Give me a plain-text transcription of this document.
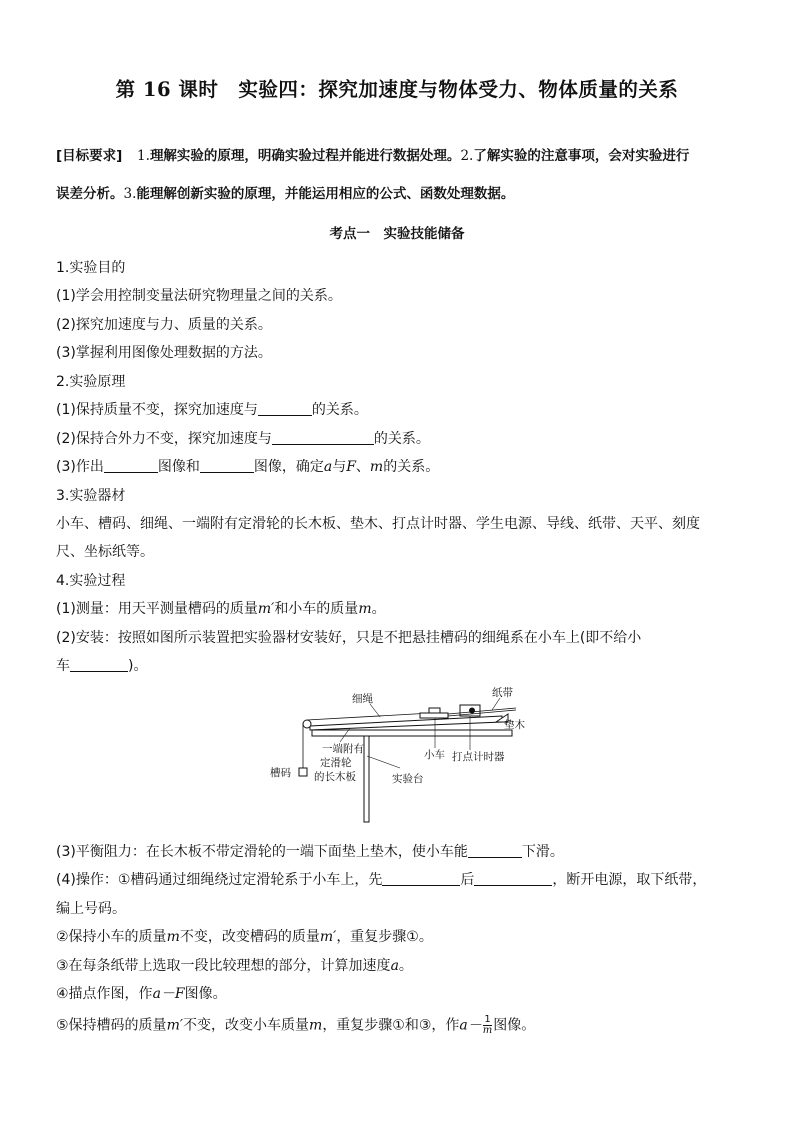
第 16 课时　实验四：探究加速度与物体受力、物体质量的关系
[目标要求] 1.理解实验的原理，明确实验过程并能进行数据处理。2.了解实验的注意事项，会对实验进行
误差分析。3.能理解创新实验的原理，并能运用相应的公式、函数处理数据。
考点一　实验技能储备
1.实验目的
(1)学会用控制变量法研究物理量之间的关系。
(2)探究加速度与力、质量的关系。
(3)掌握利用图像处理数据的方法。
2.实验原理
(1)保持质量不变，探究加速度与	的关系。
(2)保持合外力不变，探究加速度与	的关系。
(3)作出	图像和	图像，确定a与F、m的关系。
3.实验器材
小车、槽码、细绳、一端附有定滑轮的长木板、垫木、打点计时器、学生电源、导线、纸带、天平、刻度
尺、坐标纸等。
4.实验过程
(1)测量：用天平测量槽码的质量m′和小车的质量m。
(2)安装：按照如图所示装置把实验器材安装好，只是不把悬挂槽码的细绳系在小车上(即不给小
车	)。
细绳	纸带
垫木
一端附有
定滑轮
的长木板
小车 打点计时器
槽码	实验台
(3)平衡阻力：在长木板不带定滑轮的一端下面垫上垫木，使小车能	下滑。
(4)操作：①槽码通过细绳绕过定滑轮系于小车上，先	后	，断开电源，取下纸带，
编上号码。
②保持小车的质量m不变，改变槽码的质量m′，重复步骤①。
③在每条纸带上选取一段比较理想的部分，计算加速度a。
④描点作图，作a－F图像。
⑤保持槽码的质量m′不变，改变小车质量m，重复步骤①和③，作$a- \frac{1}{m}$ 图像。
